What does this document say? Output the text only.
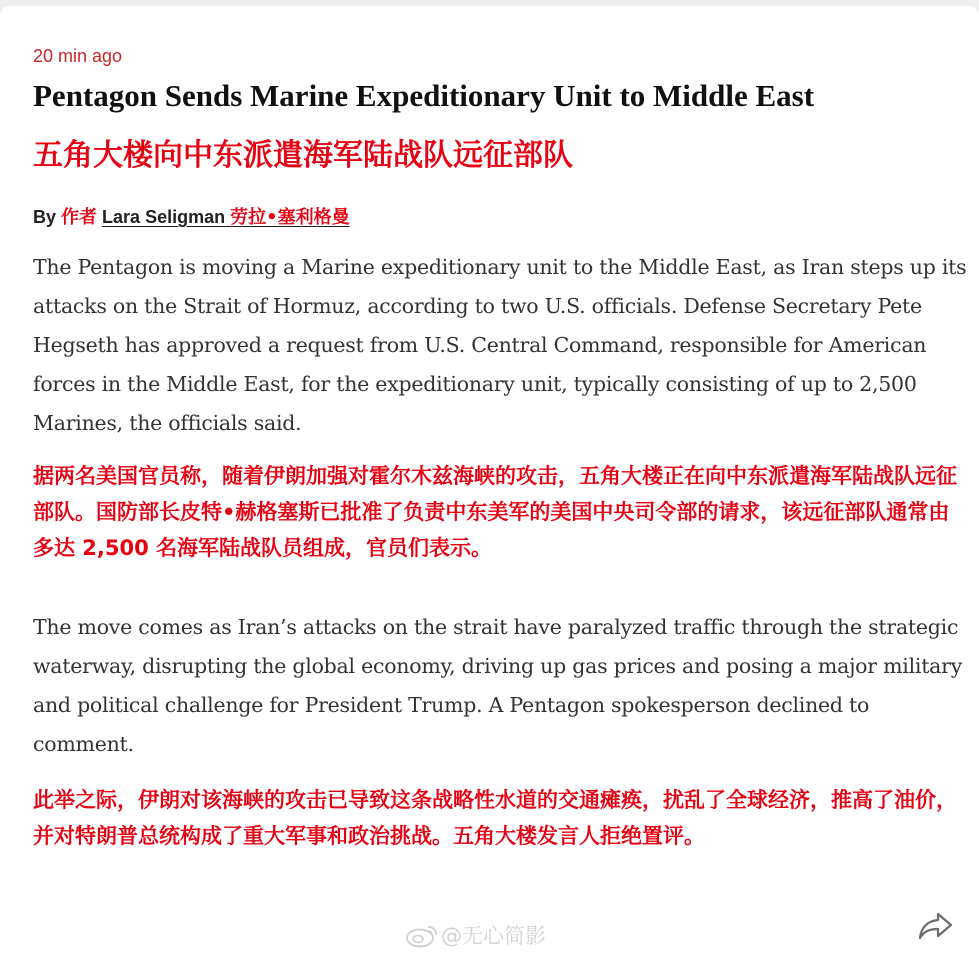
20 min ago
Pentagon Sends Marine Expeditionary Unit to Middle East
五角大楼向中东派遣海军陆战队远征部队
By 作者 Lara Seligman 劳拉•塞利格曼

The Pentagon is moving a Marine expeditionary unit to the Middle East, as Iran steps up its attacks on the Strait of Hormuz, according to two U.S. officials. Defense Secretary Pete Hegseth has approved a request from U.S. Central Command, responsible for American forces in the Middle East, for the expeditionary unit, typically consisting of up to 2,500 Marines, the officials said.

据两名美国官员称，随着伊朗加强对霍尔木兹海峡的攻击，五角大楼正在向中东派遣海军陆战队远征部队。国防部长皮特•赫格塞斯已批准了负责中东美军的美国中央司令部的请求，该远征部队通常由多达 2,500 名海军陆战队员组成，官员们表示。

The move comes as Iran’s attacks on the strait have paralyzed traffic through the strategic waterway, disrupting the global economy, driving up gas prices and posing a major military and political challenge for President Trump. A Pentagon spokesperson declined to comment.

此举之际，伊朗对该海峡的攻击已导致这条战略性水道的交通瘫痪，扰乱了全球经济，推高了油价，并对特朗普总统构成了重大军事和政治挑战。五角大楼发言人拒绝置评。

@无心简影
